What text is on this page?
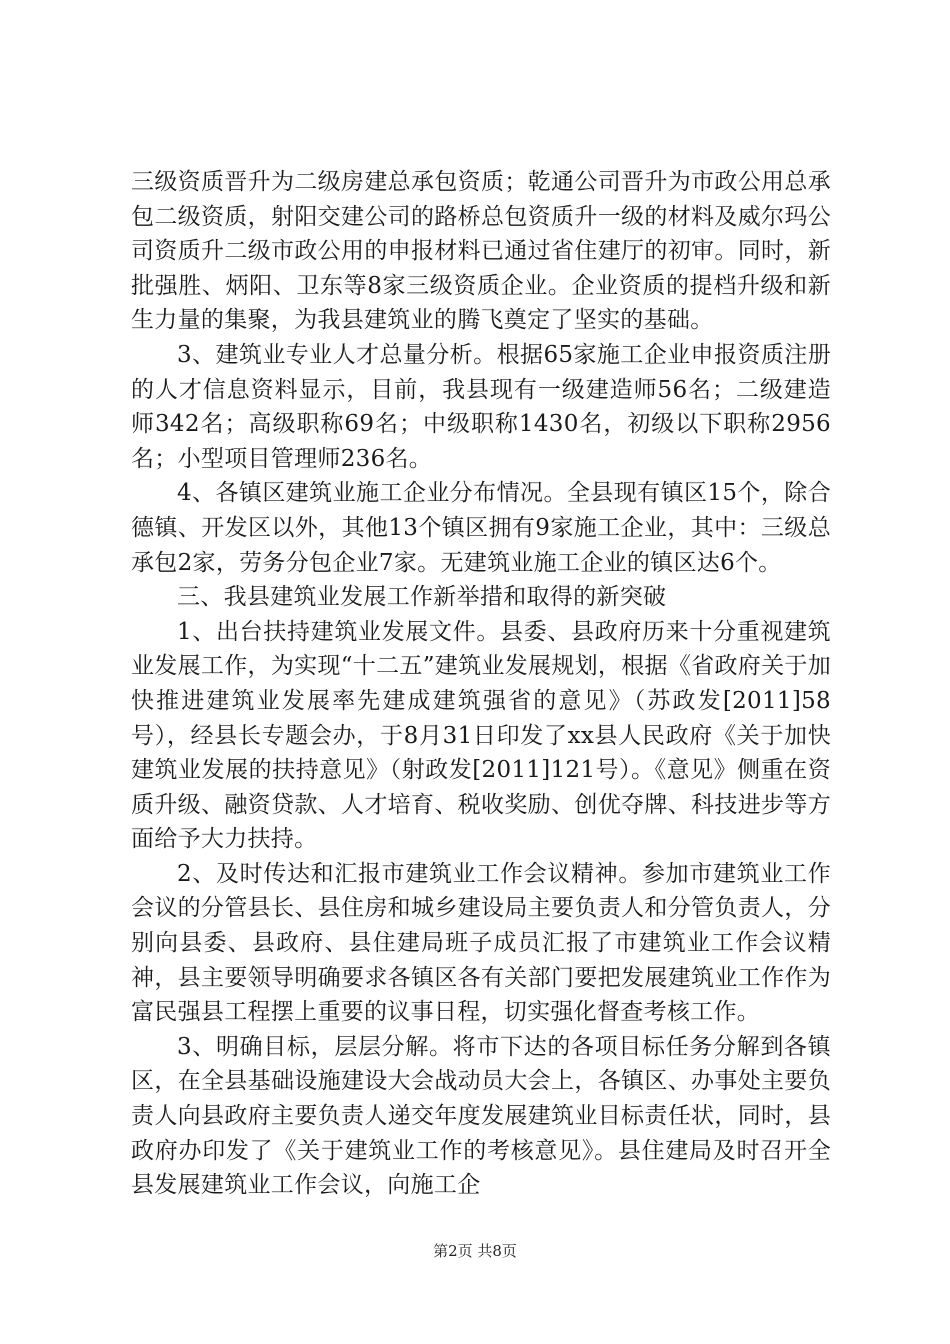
三级资质晋升为二级房建总承包资质；乾通公司晋升为市政公用总承包二级资质，射阳交建公司的路桥总包资质升一级的材料及威尔玛公司资质升二级市政公用的申报材料已通过省住建厅的初审。同时，新批强胜、炳阳、卫东等8家三级资质企业。企业资质的提档升级和新生力量的集聚，为我县建筑业的腾飞奠定了坚实的基础。

3、建筑业专业人才总量分析。根据65家施工企业申报资质注册的人才信息资料显示，目前，我县现有一级建造师56名；二级建造师342名；高级职称69名；中级职称1430名，初级以下职称2956名；小型项目管理师236名。

4、各镇区建筑业施工企业分布情况。全县现有镇区15个，除合德镇、开发区以外，其他13个镇区拥有9家施工企业，其中：三级总承包2家，劳务分包企业7家。无建筑业施工企业的镇区达6个。

三、我县建筑业发展工作新举措和取得的新突破

1、出台扶持建筑业发展文件。县委、县政府历来十分重视建筑业发展工作，为实现“十二五”建筑业发展规划，根据《省政府关于加快推进建筑业发展率先建成建筑强省的意见》（苏政发[2011]58号），经县长专题会办，于8月31日印发了xx县人民政府《关于加快建筑业发展的扶持意见》（射政发[2011]121号）。《意见》侧重在资质升级、融资贷款、人才培育、税收奖励、创优夺牌、科技进步等方面给予大力扶持。

2、及时传达和汇报市建筑业工作会议精神。参加市建筑业工作会议的分管县长、县住房和城乡建设局主要负责人和分管负责人，分别向县委、县政府、县住建局班子成员汇报了市建筑业工作会议精神，县主要领导明确要求各镇区各有关部门要把发展建筑业工作作为富民强县工程摆上重要的议事日程，切实强化督查考核工作。

3、明确目标，层层分解。将市下达的各项目标任务分解到各镇区，在全县基础设施建设大会战动员大会上，各镇区、办事处主要负责人向县政府主要负责人递交年度发展建筑业目标责任状，同时，县政府办印发了《关于建筑业工作的考核意见》。县住建局及时召开全县发展建筑业工作会议，向施工企

第2页 共8页
